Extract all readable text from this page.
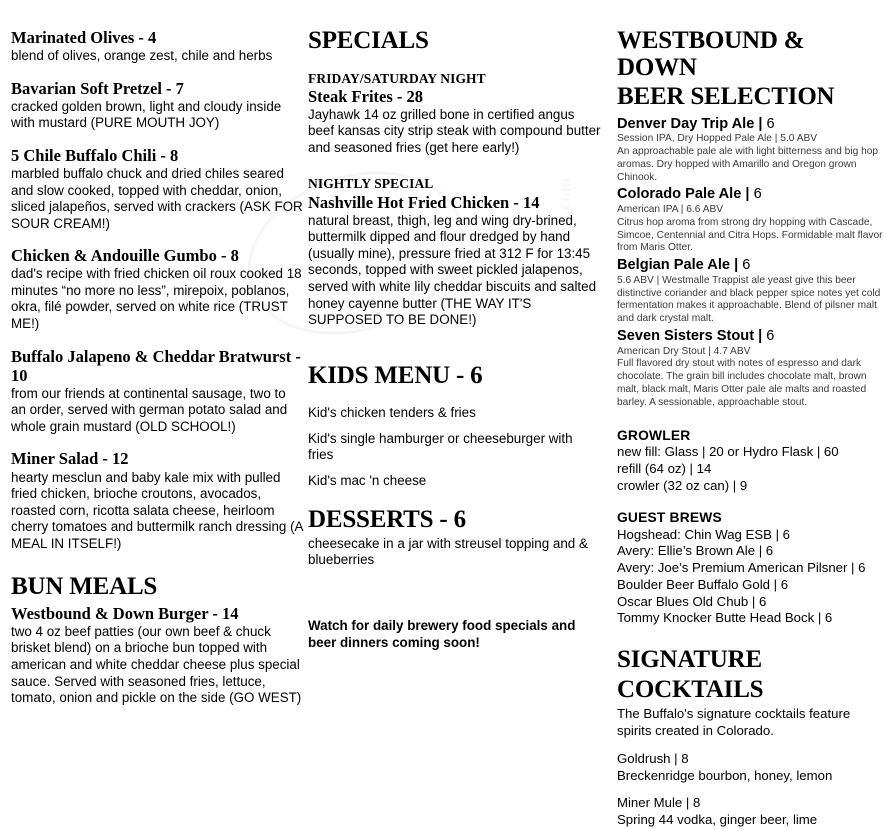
.com
Marinated Olives - 4
blend of olives, orange zest, chile and herbs
Bavarian Soft Pretzel - 7
cracked golden brown, light and cloudy inside with mustard (PURE MOUTH JOY)
5 Chile Buffalo Chili - 8
marbled buffalo chuck and dried chiles seared and slow cooked, topped with cheddar, onion, sliced jalapeños, served with crackers (ASK FOR SOUR CREAM!)
Chicken & Andouille Gumbo - 8
dad's recipe with fried chicken oil roux cooked 18 minutes “no more no less”, mirepoix, poblanos, okra, filé powder, served on white rice (TRUST ME!)
Buffalo Jalapeno & Cheddar Bratwurst - 10
from our friends at continental sausage, two to an order, served with german potato salad and whole grain mustard (OLD SCHOOL!)
Miner Salad - 12
hearty mesclun and baby kale mix with pulled fried chicken, brioche croutons, avocados, roasted corn, ricotta salata cheese, heirloom cherry tomatoes and buttermilk ranch dressing (A MEAL IN ITSELF!)
BUN MEALS
Westbound & Down Burger - 14
two 4 oz beef patties (our own beef & chuck brisket blend) on a brioche bun topped with american and white cheddar cheese plus special sauce. Served with seasoned fries, lettuce, tomato, onion and pickle on the side (GO WEST)
SPECIALS
FRIDAY/SATURDAY NIGHT
Steak Frites - 28
Jayhawk 14 oz grilled bone in certified angus beef kansas city strip steak with compound butter and seasoned fries (get here early!)
NIGHTLY SPECIAL
Nashville Hot Fried Chicken - 14
natural breast, thigh, leg and wing dry-brined, buttermilk dipped and flour dredged by hand (usually mine), pressure fried at 312 F for 13:45 seconds, topped with sweet pickled jalapenos, served with white lily cheddar biscuits and salted honey cayenne butter (THE WAY IT'S SUPPOSED TO BE DONE!)
KIDS MENU - 6
Kid's chicken tenders & fries
Kid's single hamburger or cheeseburger with fries
Kid's mac 'n cheese
DESSERTS - 6
cheesecake in a jar with streusel topping and & blueberries
Watch for daily brewery food specials and beer dinners coming soon!
WESTBOUND & DOWN
BEER SELECTION
Denver Day Trip Ale | 6
Session IPA, Dry Hopped Pale Ale | 5.0 ABV
An approachable pale ale with light bitterness and big hop aromas. Dry hopped with Amarillo and Oregon grown Chinook.
Colorado Pale Ale | 6
American IPA | 6.6 ABV
Citrus hop aroma from strong dry hopping with Cascade, Simcoe, Centennial and Citra Hops. Formidable malt flavor from Maris Otter.
Belgian Pale Ale | 6
5.6 ABV | Westmalle Trappist ale yeast give this beer distinctive coriander and black pepper spice notes yet cold fermentation makes it approachable. Blend of pilsner malt and dark crystal malt.
Seven Sisters Stout | 6
American Dry Stout | 4.7 ABV
Full flavored dry stout with notes of espresso and dark chocolate. The grain bill includes chocolate malt, brown malt, black malt, Maris Otter pale ale malts and roasted barley. A sessionable, approachable stout.
GROWLER
new fill: Glass | 20 or Hydro Flask | 60
refill (64 oz) | 14
crowler (32 oz can) | 9
GUEST BREWS
Hogshead: Chin Wag ESB | 6
Avery: Ellie’s Brown Ale | 6
Avery: Joe’s Premium American Pilsner | 6
Boulder Beer Buffalo Gold | 6
Oscar Blues Old Chub | 6
Tommy Knocker Butte Head Bock | 6
SIGNATURE
COCKTAILS
The Buffalo's signature cocktails feature spirits created in Colorado.
Goldrush | 8
Breckenridge bourbon, honey, lemon
Miner Mule | 8
Spring 44 vodka, ginger beer, lime
